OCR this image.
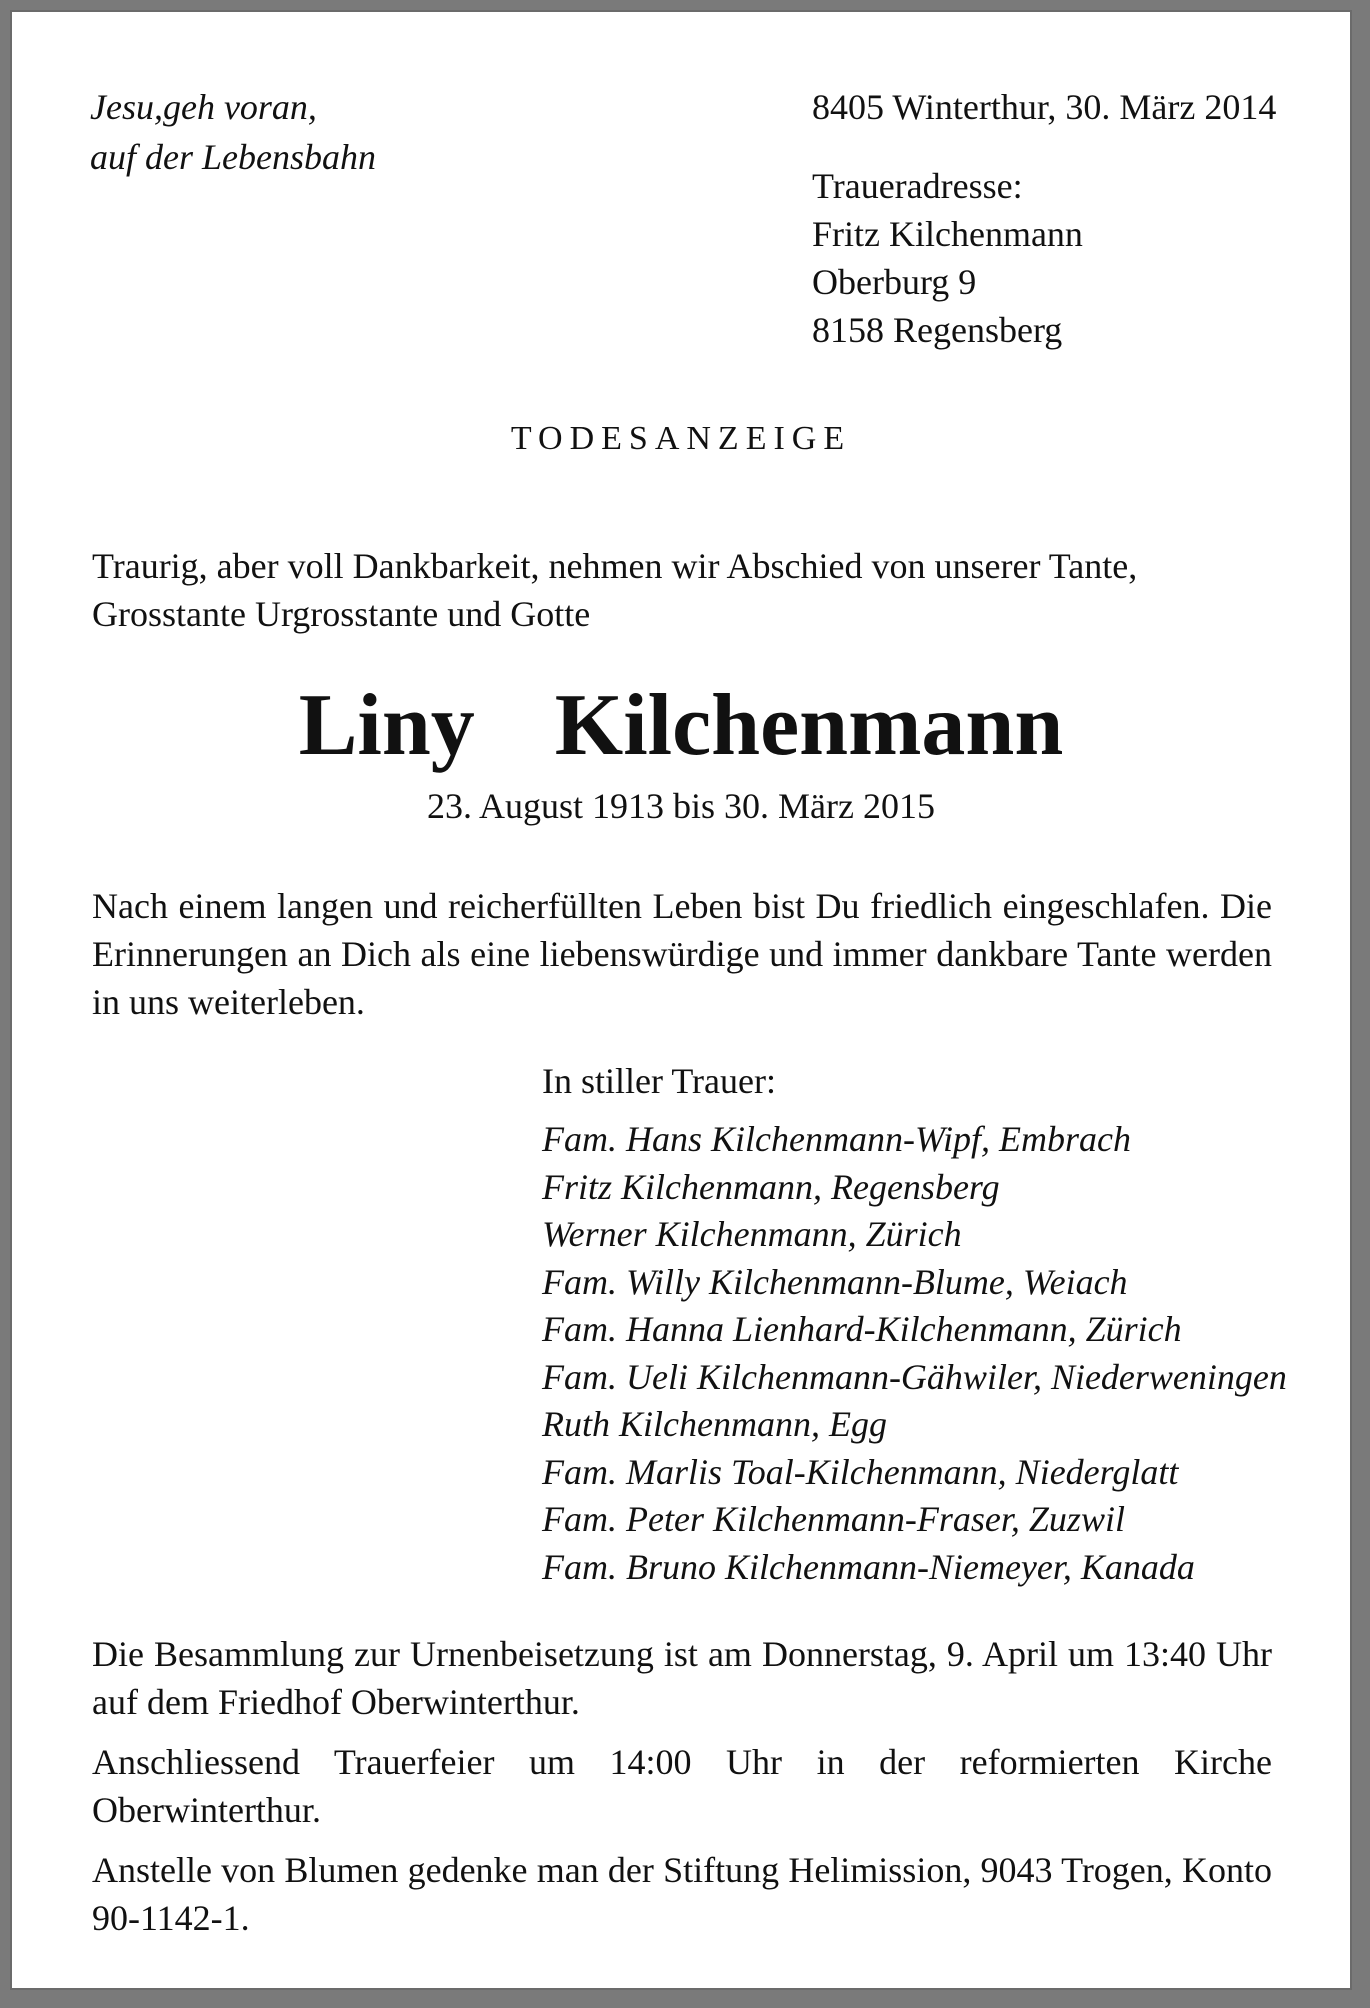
Jesu,geh voran,
auf der Lebensbahn
8405 Winterthur, 30. März 2014
Traueradresse:
Fritz Kilchenmann
Oberburg 9
8158 Regensberg
TODESANZEIGE
Traurig, aber voll Dankbarkeit, nehmen wir Abschied von unserer Tante, Grosstante Urgrosstante und Gotte
Liny  Kilchenmann
23. August 1913 bis 30. März 2015
Nach einem langen und reicherfüllten Leben bist Du friedlich eingeschlafen. Die Erinnerungen an Dich als eine liebenswürdige und immer dankbare Tante werden in uns weiterleben.
In stiller Trauer:
Fam. Hans Kilchenmann-Wipf, Embrach
Fritz Kilchenmann, Regensberg
Werner Kilchenmann, Zürich
Fam. Willy Kilchenmann-Blume, Weiach
Fam. Hanna Lienhard-Kilchenmann, Zürich
Fam. Ueli Kilchenmann-Gähwiler, Niederweningen
Ruth Kilchenmann, Egg
Fam. Marlis Toal-Kilchenmann, Niederglatt
Fam. Peter Kilchenmann-Fraser, Zuzwil
Fam. Bruno Kilchenmann-Niemeyer, Kanada

Die Besammlung zur Urnenbeisetzung ist am Donnerstag, 9. April um 13:40 Uhr auf dem Friedhof Oberwinterthur.

Anschliessend Trauerfeier um 14:00 Uhr in der reformierten Kirche Oberwinterthur.

Anstelle von Blumen gedenke man der Stiftung Helimission, 9043 Trogen, Konto 90-1142-1.
